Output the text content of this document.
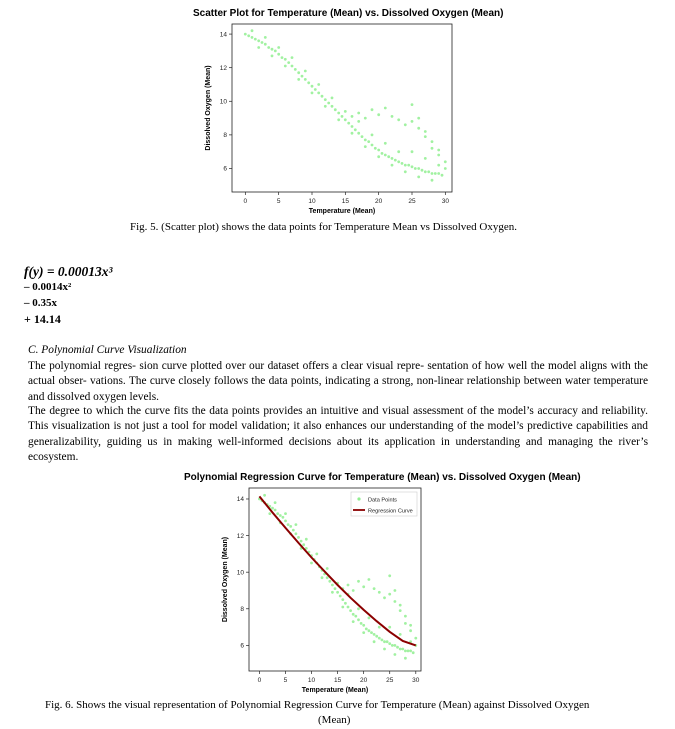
Scatter Plot for Temperature (Mean) vs. Dissolved Oxygen (Mean)
0	5	10	15	20	25	30
6
8
10
12
14
Temperature (Mean)
Dissolved Oxygen (Mean)
Fig. 5. (Scatter plot) shows the data points for Temperature Mean vs Dissolved Oxygen.
f(y) = 0.00013x³
– 0.0014x²
– 0.35x
+ 14.14
C. Polynomial Curve Visualization
The polynomial regres- sion curve plotted over our dataset offers a clear visual repre- sentation of how well the model aligns with the actual obser- vations. The curve closely follows the data points, indicating a strong, non-linear relationship between water temperature and dissolved oxygen levels.
The degree to which the curve fits the data points provides an intuitive and visual assessment of the model’s accuracy and reliability. This visualization is not just a tool for model validation; it also enhances our understanding of the model’s predictive capabilities and generalizability, guiding us in making well-informed decisions about its application in understanding and managing the river’s ecosystem.
Polynomial Regression Curve for Temperature (Mean) vs. Dissolved Oxygen (Mean)
0	5	10	15	20	25	30
6
8
10
12
14
Temperature (Mean)
Dissolved Oxygen (Mean)
Data Points
Regression Curve
Fig. 6. Shows the visual representation of Polynomial Regression Curve for Temperature (Mean) against Dissolved Oxygen
(Mean)
